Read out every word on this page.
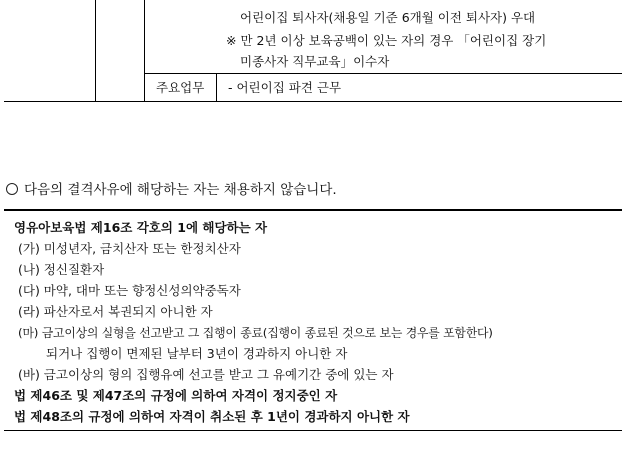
어린이집 퇴사자(채용일 기준 6개월 이전 퇴사자) 우대
※ 만 2년 이상 보육공백이 있는 자의 경우 「어린이집 장기
미종사자 직무교육」이수자
주요업무 - 어린이집 파견 근무
다음의 결격사유에 해당하는 자는 채용하지 않습니다.
영유아보육법 제16조 각호의 1에 해당하는 자
(가) 미성년자, 금치산자 또는 한정치산자
(나) 정신질환자
(다) 마약, 대마 또는 향정신성의약중독자
(라) 파산자로서 복권되지 아니한 자
(마) 금고이상의 실형을 선고받고 그 집행이 종료(집행이 종료된 것으로 보는 경우를 포함한다)
되거나 집행이 면제된 날부터 3년이 경과하지 아니한 자
(바) 금고이상의 형의 집행유예 선고를 받고 그 유예기간 중에 있는 자
법 제46조 및 제47조의 규정에 의하여 자격이 정지중인 자
법 제48조의 규정에 의하여 자격이 취소된 후 1년이 경과하지 아니한 자
